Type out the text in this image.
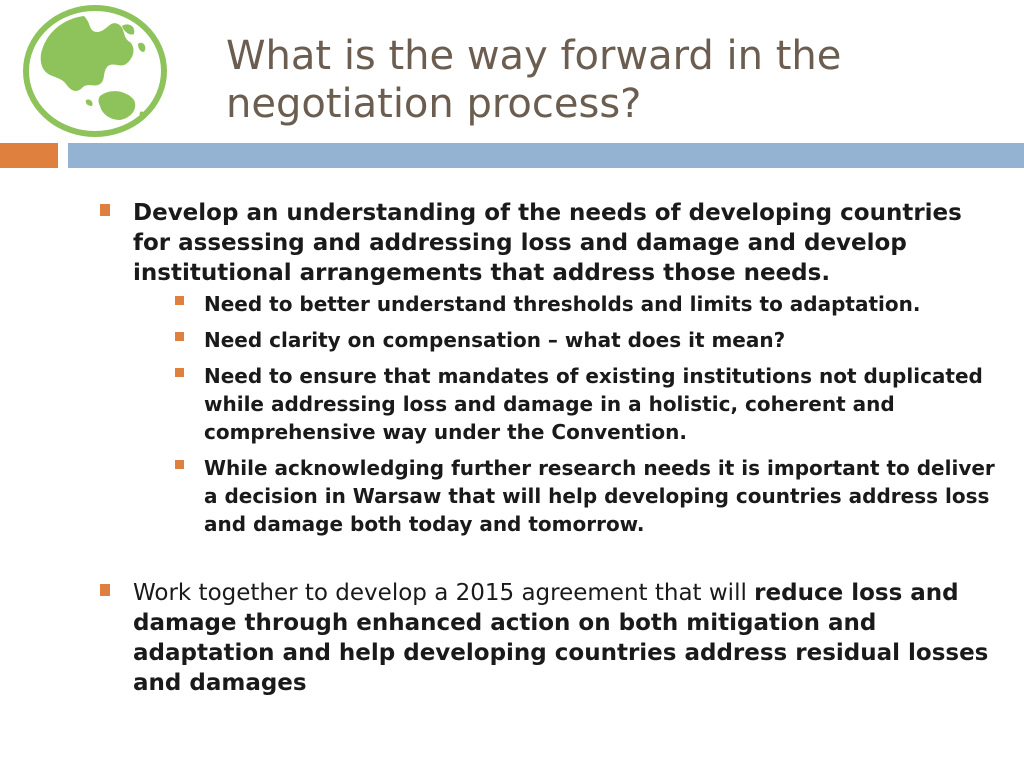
What is the way forward in the
negotiation process?

Develop an understanding of the needs of developing countries for assessing and addressing loss and damage and develop institutional arrangements that address those needs.

Need to better understand thresholds and limits to adaptation.

Need clarity on compensation – what does it mean?

Need to ensure that mandates of existing institutions not duplicated while addressing loss and damage in a holistic, coherent and comprehensive way under the Convention.

While acknowledging further research needs it is important to deliver a decision in Warsaw that will help developing countries address loss and damage both today and tomorrow.

Work together to develop a 2015 agreement that will reduce loss and damage through enhanced action on both mitigation and adaptation and help developing countries address residual losses and damages
